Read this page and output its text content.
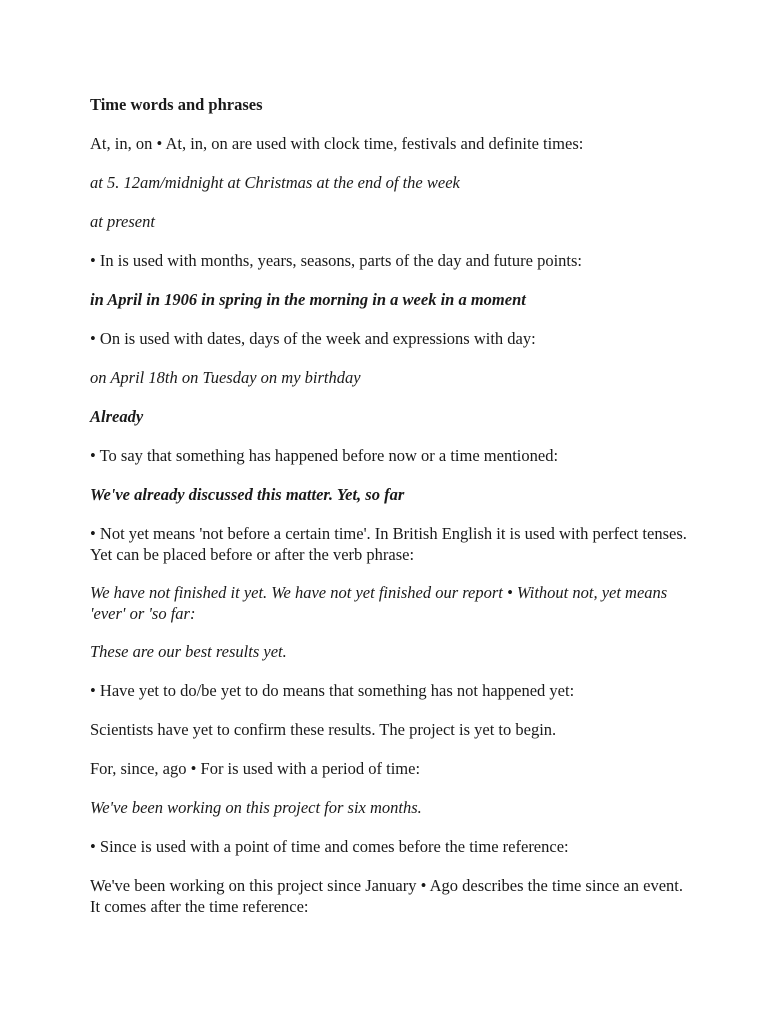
Time words and phrases

At, in, on • At, in, on are used with clock time, festivals and definite times:

at 5. 12am/midnight at Christmas at the end of the week

at present

• In is used with months, years, seasons, parts of the day and future points:

in April in 1906 in spring in the morning in a week in a moment

• On is used with dates, days of the week and expressions with day:

on April 18th on Tuesday on my birthday

Already

• To say that something has happened before now or a time mentioned:

We've already discussed this matter. Yet, so far

• Not yet means 'not before a certain time'. In British English it is used with perfect tenses. Yet can be placed before or after the verb phrase:

We have not finished it yet. We have not yet finished our report • Without not, yet means 'ever' or 'so far:

These are our best results yet.

• Have yet to do/be yet to do means that something has not happened yet:

Scientists have yet to confirm these results. The project is yet to begin.

For, since, ago • For is used with a period of time:

We've been working on this project for six months.

• Since is used with a point of time and comes before the time reference:

We've been working on this project since January • Ago describes the time since an event. It comes after the time reference:
